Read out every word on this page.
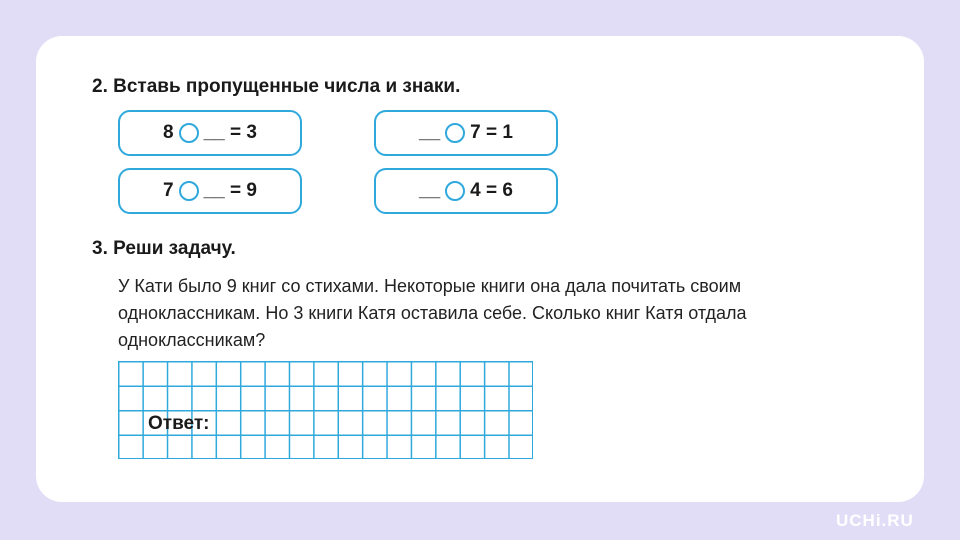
2. Вставь пропущенные числа и знаки.
8 __ = 3	__ 7 = 1
7 __ = 9	__ 4 = 6
3. Реши задачу.

У Кати было 9 книг со стихами. Некоторые книги она дала почитать своим одноклассникам. Но 3 книги Катя оставила себе. Сколько книг Катя отдала одноклассникам?

Ответ:
UCHi.RU
